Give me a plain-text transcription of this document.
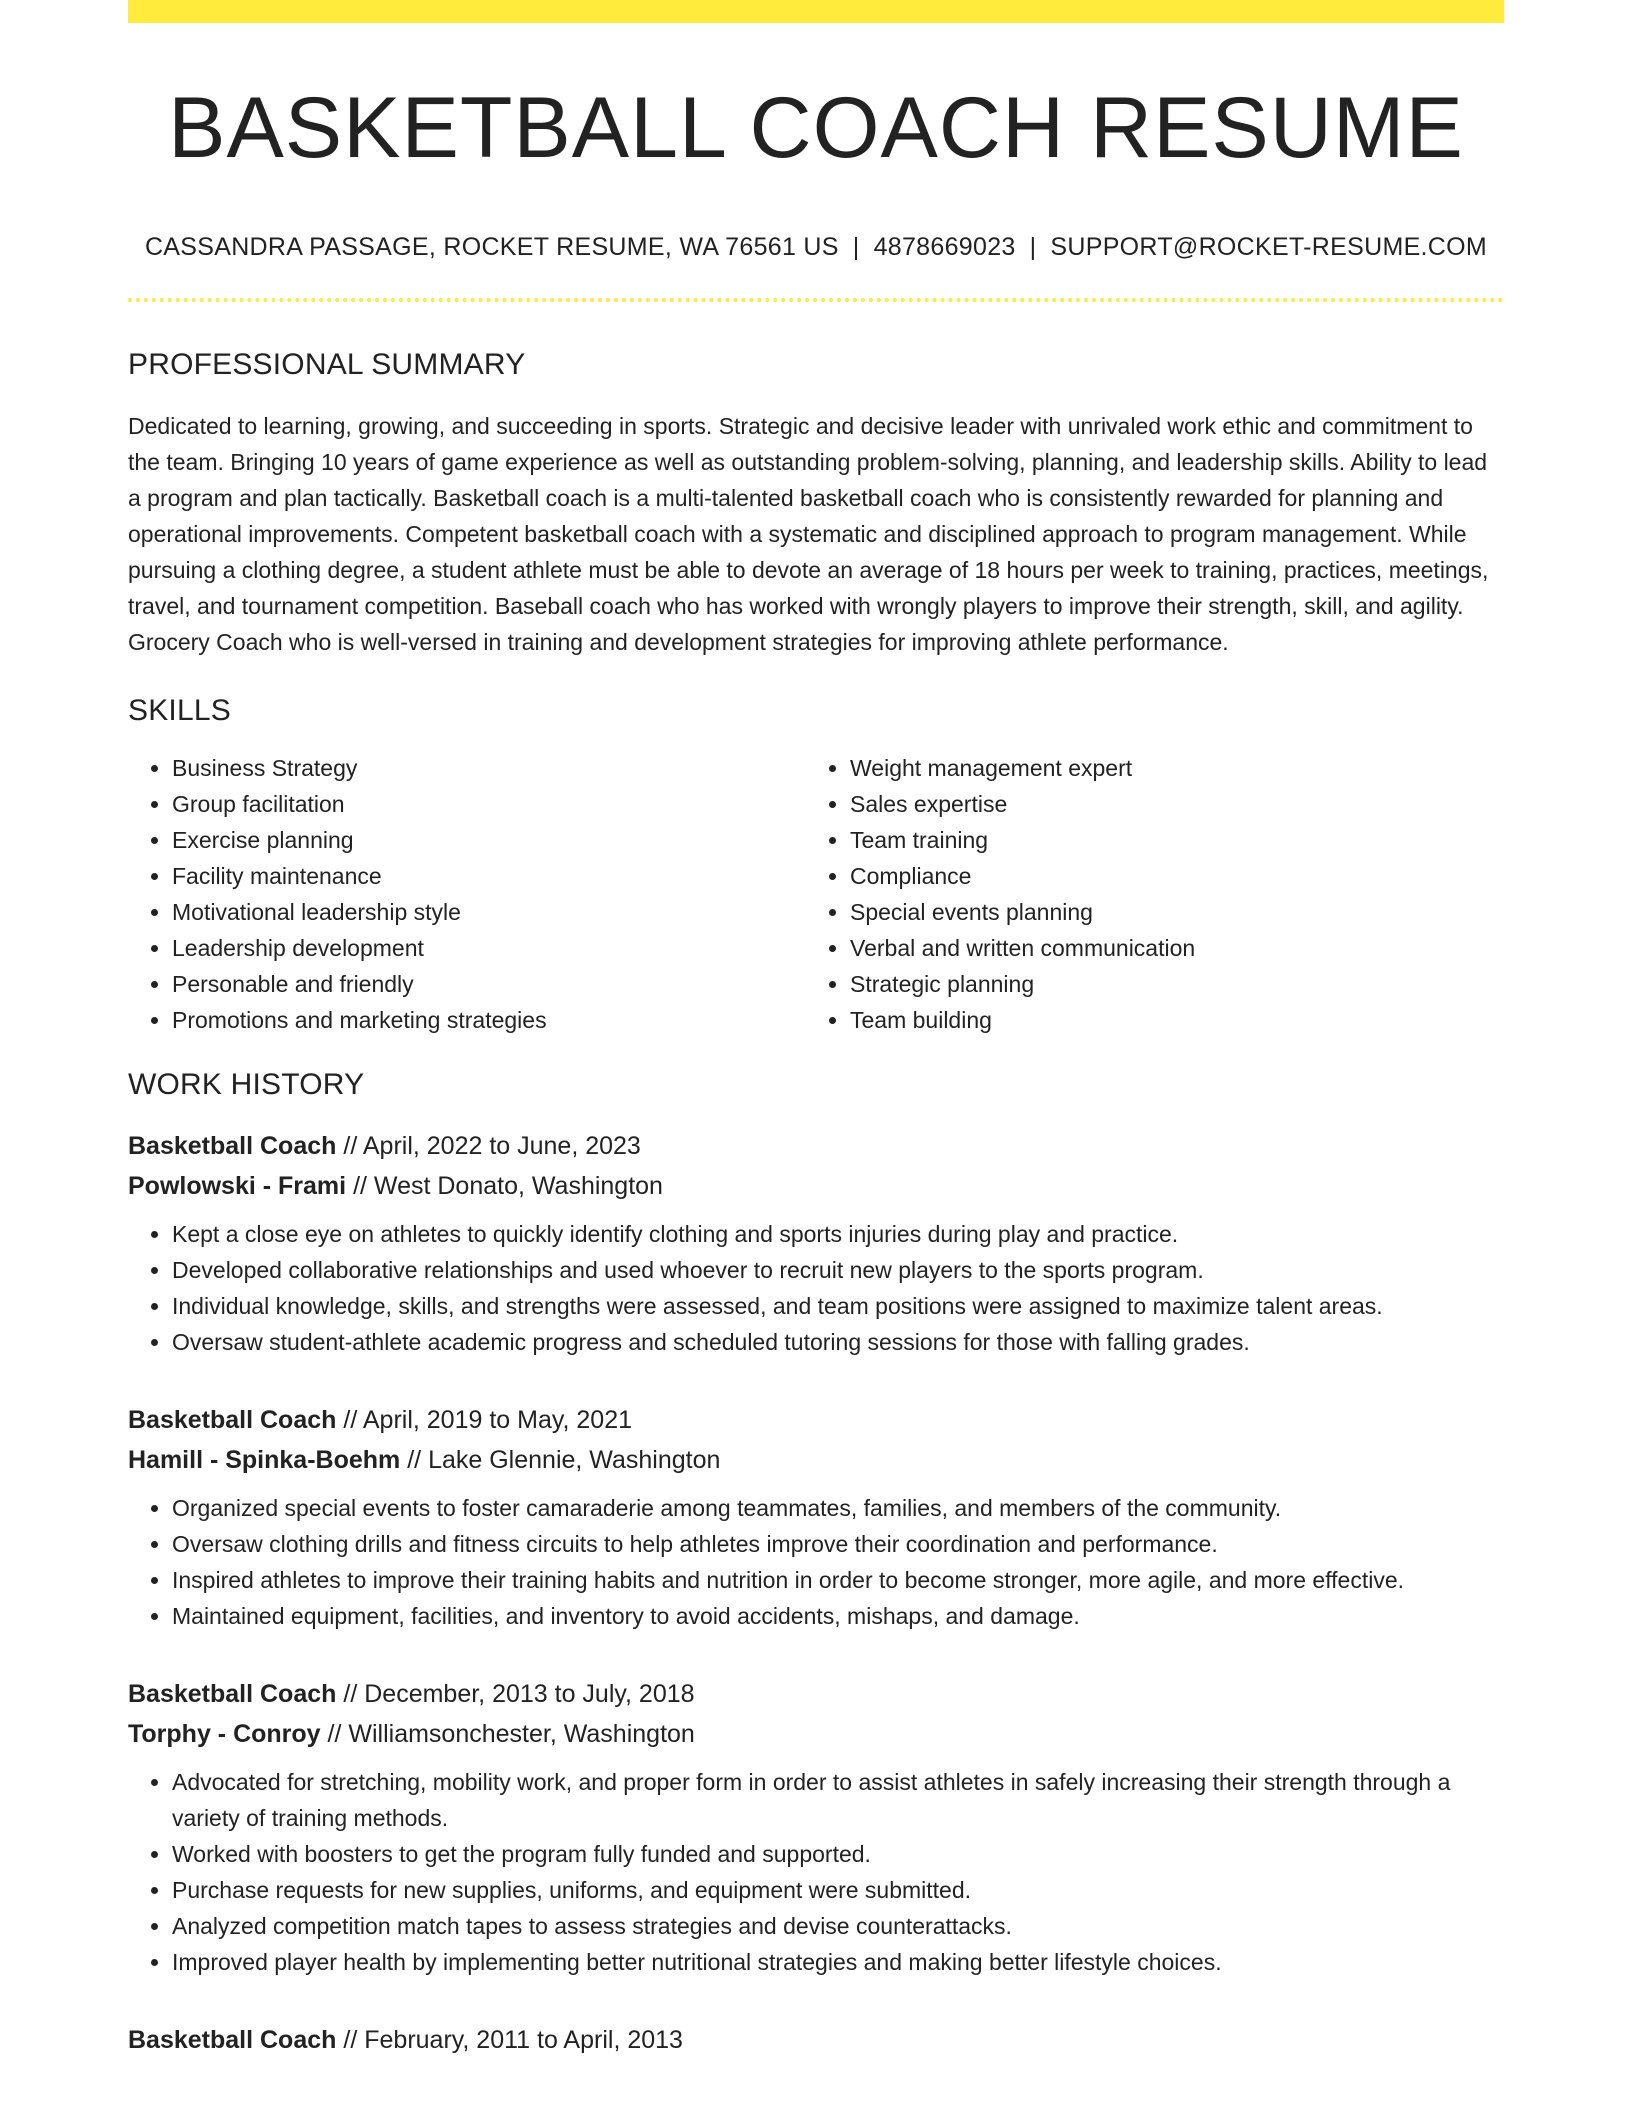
BASKETBALL COACH RESUME
CASSANDRA PASSAGE, ROCKET RESUME, WA 76561 US | 4878669023 | SUPPORT@ROCKET-RESUME.COM
PROFESSIONAL SUMMARY

Dedicated to learning, growing, and succeeding in sports. Strategic and decisive leader with unrivaled work ethic and commitment to the team. Bringing 10 years of game experience as well as outstanding problem-solving, planning, and leadership skills. Ability to lead a program and plan tactically. Basketball coach is a multi-talented basketball coach who is consistently rewarded for planning and operational improvements. Competent basketball coach with a systematic and disciplined approach to program management. While pursuing a clothing degree, a student athlete must be able to devote an average of 18 hours per week to training, practices, meetings, travel, and tournament competition. Baseball coach who has worked with wrongly players to improve their strength, skill, and agility. Grocery Coach who is well-versed in training and development strategies for improving athlete performance.

SKILLS
• Business Strategy
• Group facilitation
• Exercise planning
• Facility maintenance
• Motivational leadership style
• Leadership development
• Personable and friendly
• Promotions and marketing strategies
• Weight management expert
• Sales expertise
• Team training
• Compliance
• Special events planning
• Verbal and written communication
• Strategic planning
• Team building
WORK HISTORY
Basketball Coach // April, 2022 to June, 2023
Powlowski - Frami // West Donato, Washington
• Kept a close eye on athletes to quickly identify clothing and sports injuries during play and practice.
• Developed collaborative relationships and used whoever to recruit new players to the sports program.
• Individual knowledge, skills, and strengths were assessed, and team positions were assigned to maximize talent areas.
• Oversaw student-athlete academic progress and scheduled tutoring sessions for those with falling grades.
Basketball Coach // April, 2019 to May, 2021
Hamill - Spinka-Boehm // Lake Glennie, Washington
• Organized special events to foster camaraderie among teammates, families, and members of the community.
• Oversaw clothing drills and fitness circuits to help athletes improve their coordination and performance.
• Inspired athletes to improve their training habits and nutrition in order to become stronger, more agile, and more effective.
• Maintained equipment, facilities, and inventory to avoid accidents, mishaps, and damage.
Basketball Coach // December, 2013 to July, 2018
Torphy - Conroy // Williamsonchester, Washington
• Advocated for stretching, mobility work, and proper form in order to assist athletes in safely increasing their strength through a variety of training methods.
• Worked with boosters to get the program fully funded and supported.
• Purchase requests for new supplies, uniforms, and equipment were submitted.
• Analyzed competition match tapes to assess strategies and devise counterattacks.
• Improved player health by implementing better nutritional strategies and making better lifestyle choices.
Basketball Coach // February, 2011 to April, 2013
